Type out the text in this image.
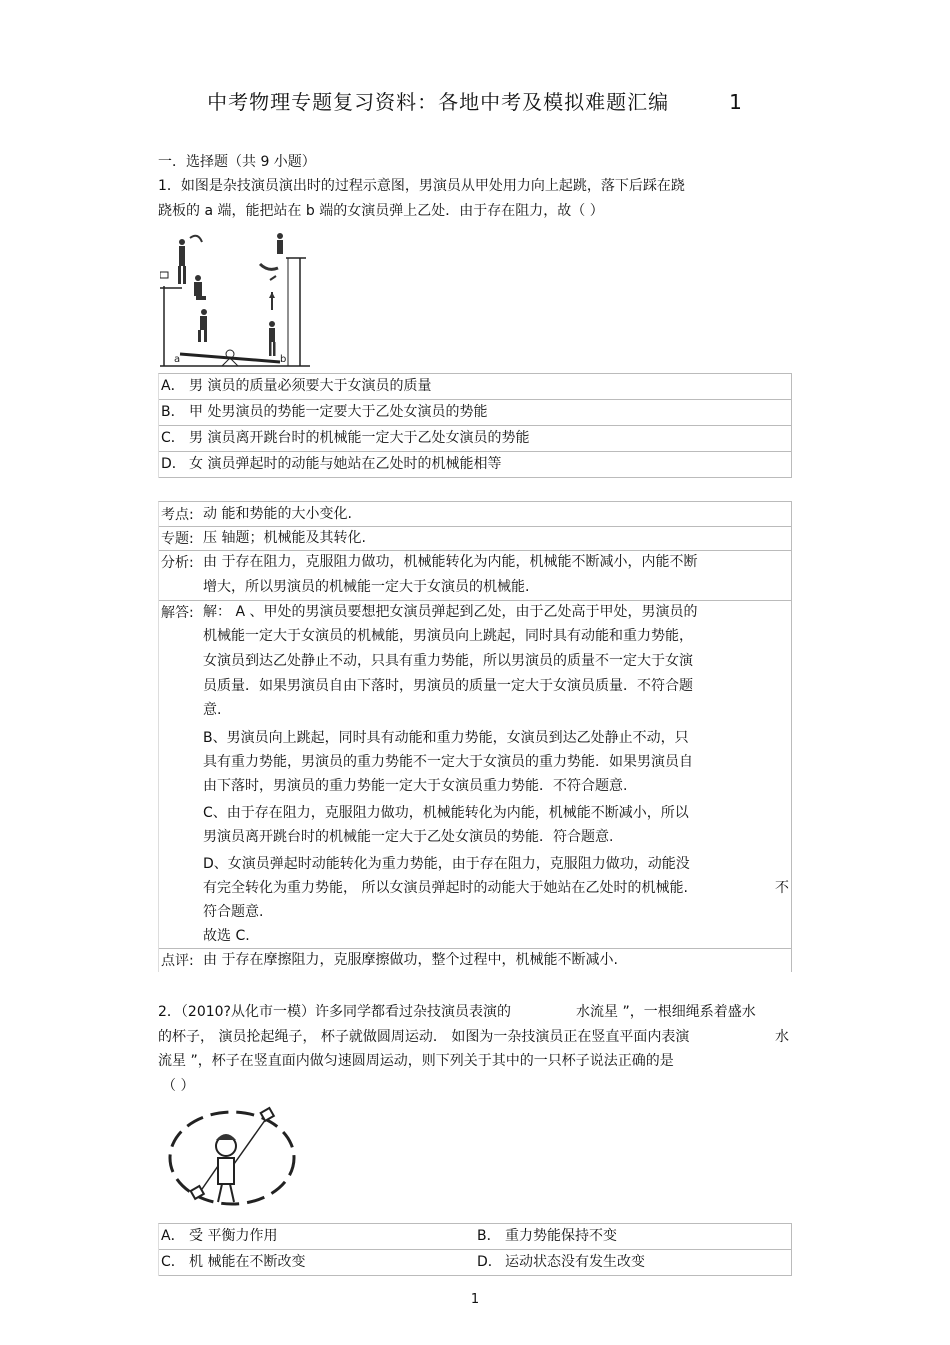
中考物理专题复习资料：各地中考及模拟难题汇编	1
一．选择题（共 9 小题）
1．如图是杂技演员演出时的过程示意图，男演员从甲处用力向上起跳，落下后踩在跷
跷板的 a 端，能把站在 b 端的女演员弹上乙处．由于存在阻力，故（ ）
a	b
A． 男 演员的质量必须要大于女演员的质量
B． 甲 处男演员的势能一定要大于乙处女演员的势能
C． 男 演员离开跳台时的机械能一定大于乙处女演员的势能
D． 女 演员弹起时的动能与她站在乙处时的机械能相等
考点: 动 能和势能的大小变化.
专题: 压 轴题；机械能及其转化.
分析: 由 于存在阻力，克服阻力做功，机械能转化为内能，机械能不断减小，内能不断
增大，所以男演员的机械能一定大于女演员的机械能.
解答: 解： A 、甲处的男演员要想把女演员弹起到乙处，由于乙处高于甲处，男演员的
机械能一定大于女演员的机械能，男演员向上跳起，同时具有动能和重力势能，
女演员到达乙处静止不动，只具有重力势能，所以男演员的质量不一定大于女演
员质量．如果男演员自由下落时，男演员的质量一定大于女演员质量．不符合题
意.
B、男演员向上跳起，同时具有动能和重力势能，女演员到达乙处静止不动，只
具有重力势能，男演员的重力势能不一定大于女演员的重力势能．如果男演员自
由下落时，男演员的重力势能一定大于女演员重力势能．不符合题意.
C、由于存在阻力，克服阻力做功，机械能转化为内能，机械能不断减小，所以
男演员离开跳台时的机械能一定大于乙处女演员的势能．符合题意.
D、女演员弹起时动能转化为重力势能，由于存在阻力，克服阻力做功，动能没
有完全转化为重力势能， 所以女演员弹起时的动能大于她站在乙处时的机械能.	不
符合题意.
故选 C.
点评: 由 于存在摩擦阻力，克服摩擦做功，整个过程中，机械能不断减小.
2．（2010?从化市一模）许多同学都看过杂技演员表演的	水流星 ”，一根细绳系着盛水
的杯子， 演员抡起绳子， 杯子就做圆周运动． 如图为一杂技演员正在竖直平面内表演	水
流星 ”，杯子在竖直面内做匀速圆周运动，则下列关于其中的一只杯子说法正确的是
（ ）
A． 受 平衡力作用	B． 重力势能保持不变
C． 机 械能在不断改变	D． 运动状态没有发生改变
1
